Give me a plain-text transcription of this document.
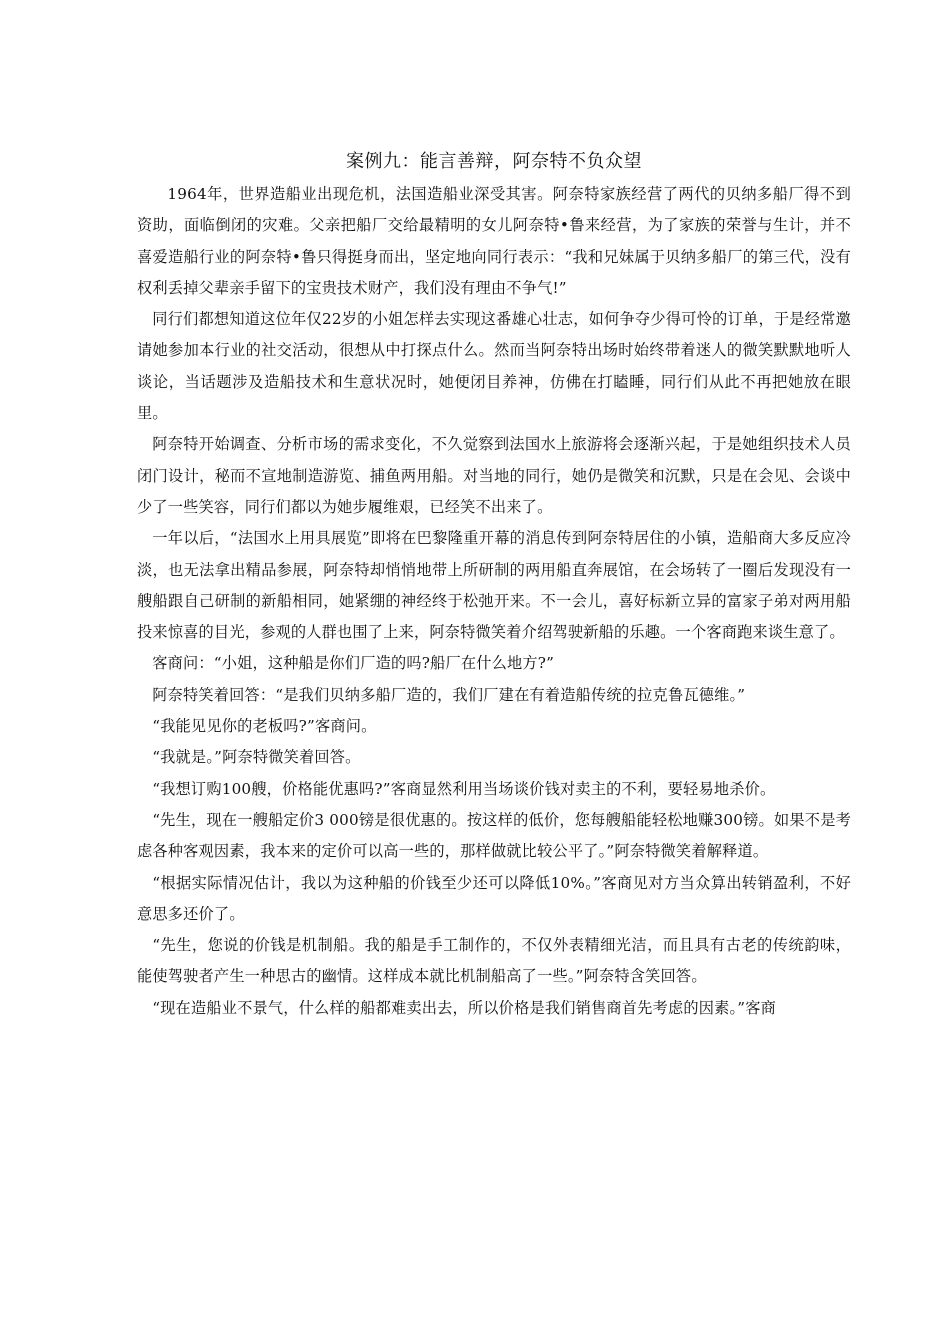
案例九：能言善辩，阿奈特不负众望

1964年，世界造船业出现危机，法国造船业深受其害。阿奈特家族经营了两代的贝纳多船厂得不到资助，面临倒闭的灾难。父亲把船厂交给最精明的女儿阿奈特•鲁来经营，为了家族的荣誉与生计，并不喜爱造船行业的阿奈特•鲁只得挺身而出，坚定地向同行表示：“我和兄妹属于贝纳多船厂的第三代，没有权利丢掉父辈亲手留下的宝贵技术财产，我们没有理由不争气!”

同行们都想知道这位年仅22岁的小姐怎样去实现这番雄心壮志，如何争夺少得可怜的订单，于是经常邀请她参加本行业的社交活动，很想从中打探点什么。然而当阿奈特出场时始终带着迷人的微笑默默地听人谈论，当话题涉及造船技术和生意状况时，她便闭目养神，仿佛在打瞌睡，同行们从此不再把她放在眼里。

阿奈特开始调查、分析市场的需求变化，不久觉察到法国水上旅游将会逐渐兴起，于是她组织技术人员闭门设计，秘而不宣地制造游览、捕鱼两用船。对当地的同行，她仍是微笑和沉默，只是在会见、会谈中少了一些笑容，同行们都以为她步履维艰，已经笑不出来了。

一年以后，“法国水上用具展览”即将在巴黎隆重开幕的消息传到阿奈特居住的小镇，造船商大多反应冷淡，也无法拿出精品参展，阿奈特却悄悄地带上所研制的两用船直奔展馆，在会场转了一圈后发现没有一艘船跟自己研制的新船相同，她紧绷的神经终于松弛开来。不一会儿，喜好标新立异的富家子弟对两用船投来惊喜的目光，参观的人群也围了上来，阿奈特微笑着介绍驾驶新船的乐趣。一个客商跑来谈生意了。

客商问：“小姐，这种船是你们厂造的吗?船厂在什么地方?”

阿奈特笑着回答：“是我们贝纳多船厂造的，我们厂建在有着造船传统的拉克鲁瓦德维。”

“我能见见你的老板吗?”客商问。

“我就是。”阿奈特微笑着回答。

“我想订购100艘，价格能优惠吗?”客商显然利用当场谈价钱对卖主的不利，要轻易地杀价。

“先生，现在一艘船定价3 000镑是很优惠的。按这样的低价，您每艘船能轻松地赚300镑。如果不是考虑各种客观因素，我本来的定价可以高一些的，那样做就比较公平了。”阿奈特微笑着解释道。

“根据实际情况估计，我以为这种船的价钱至少还可以降低10%。”客商见对方当众算出转销盈利，不好意思多还价了。

“先生，您说的价钱是机制船。我的船是手工制作的，不仅外表精细光洁，而且具有古老的传统韵味，能使驾驶者产生一种思古的幽情。这样成本就比机制船高了一些。”阿奈特含笑回答。

“现在造船业不景气，什么样的船都难卖出去，所以价格是我们销售商首先考虑的因素。”客商
